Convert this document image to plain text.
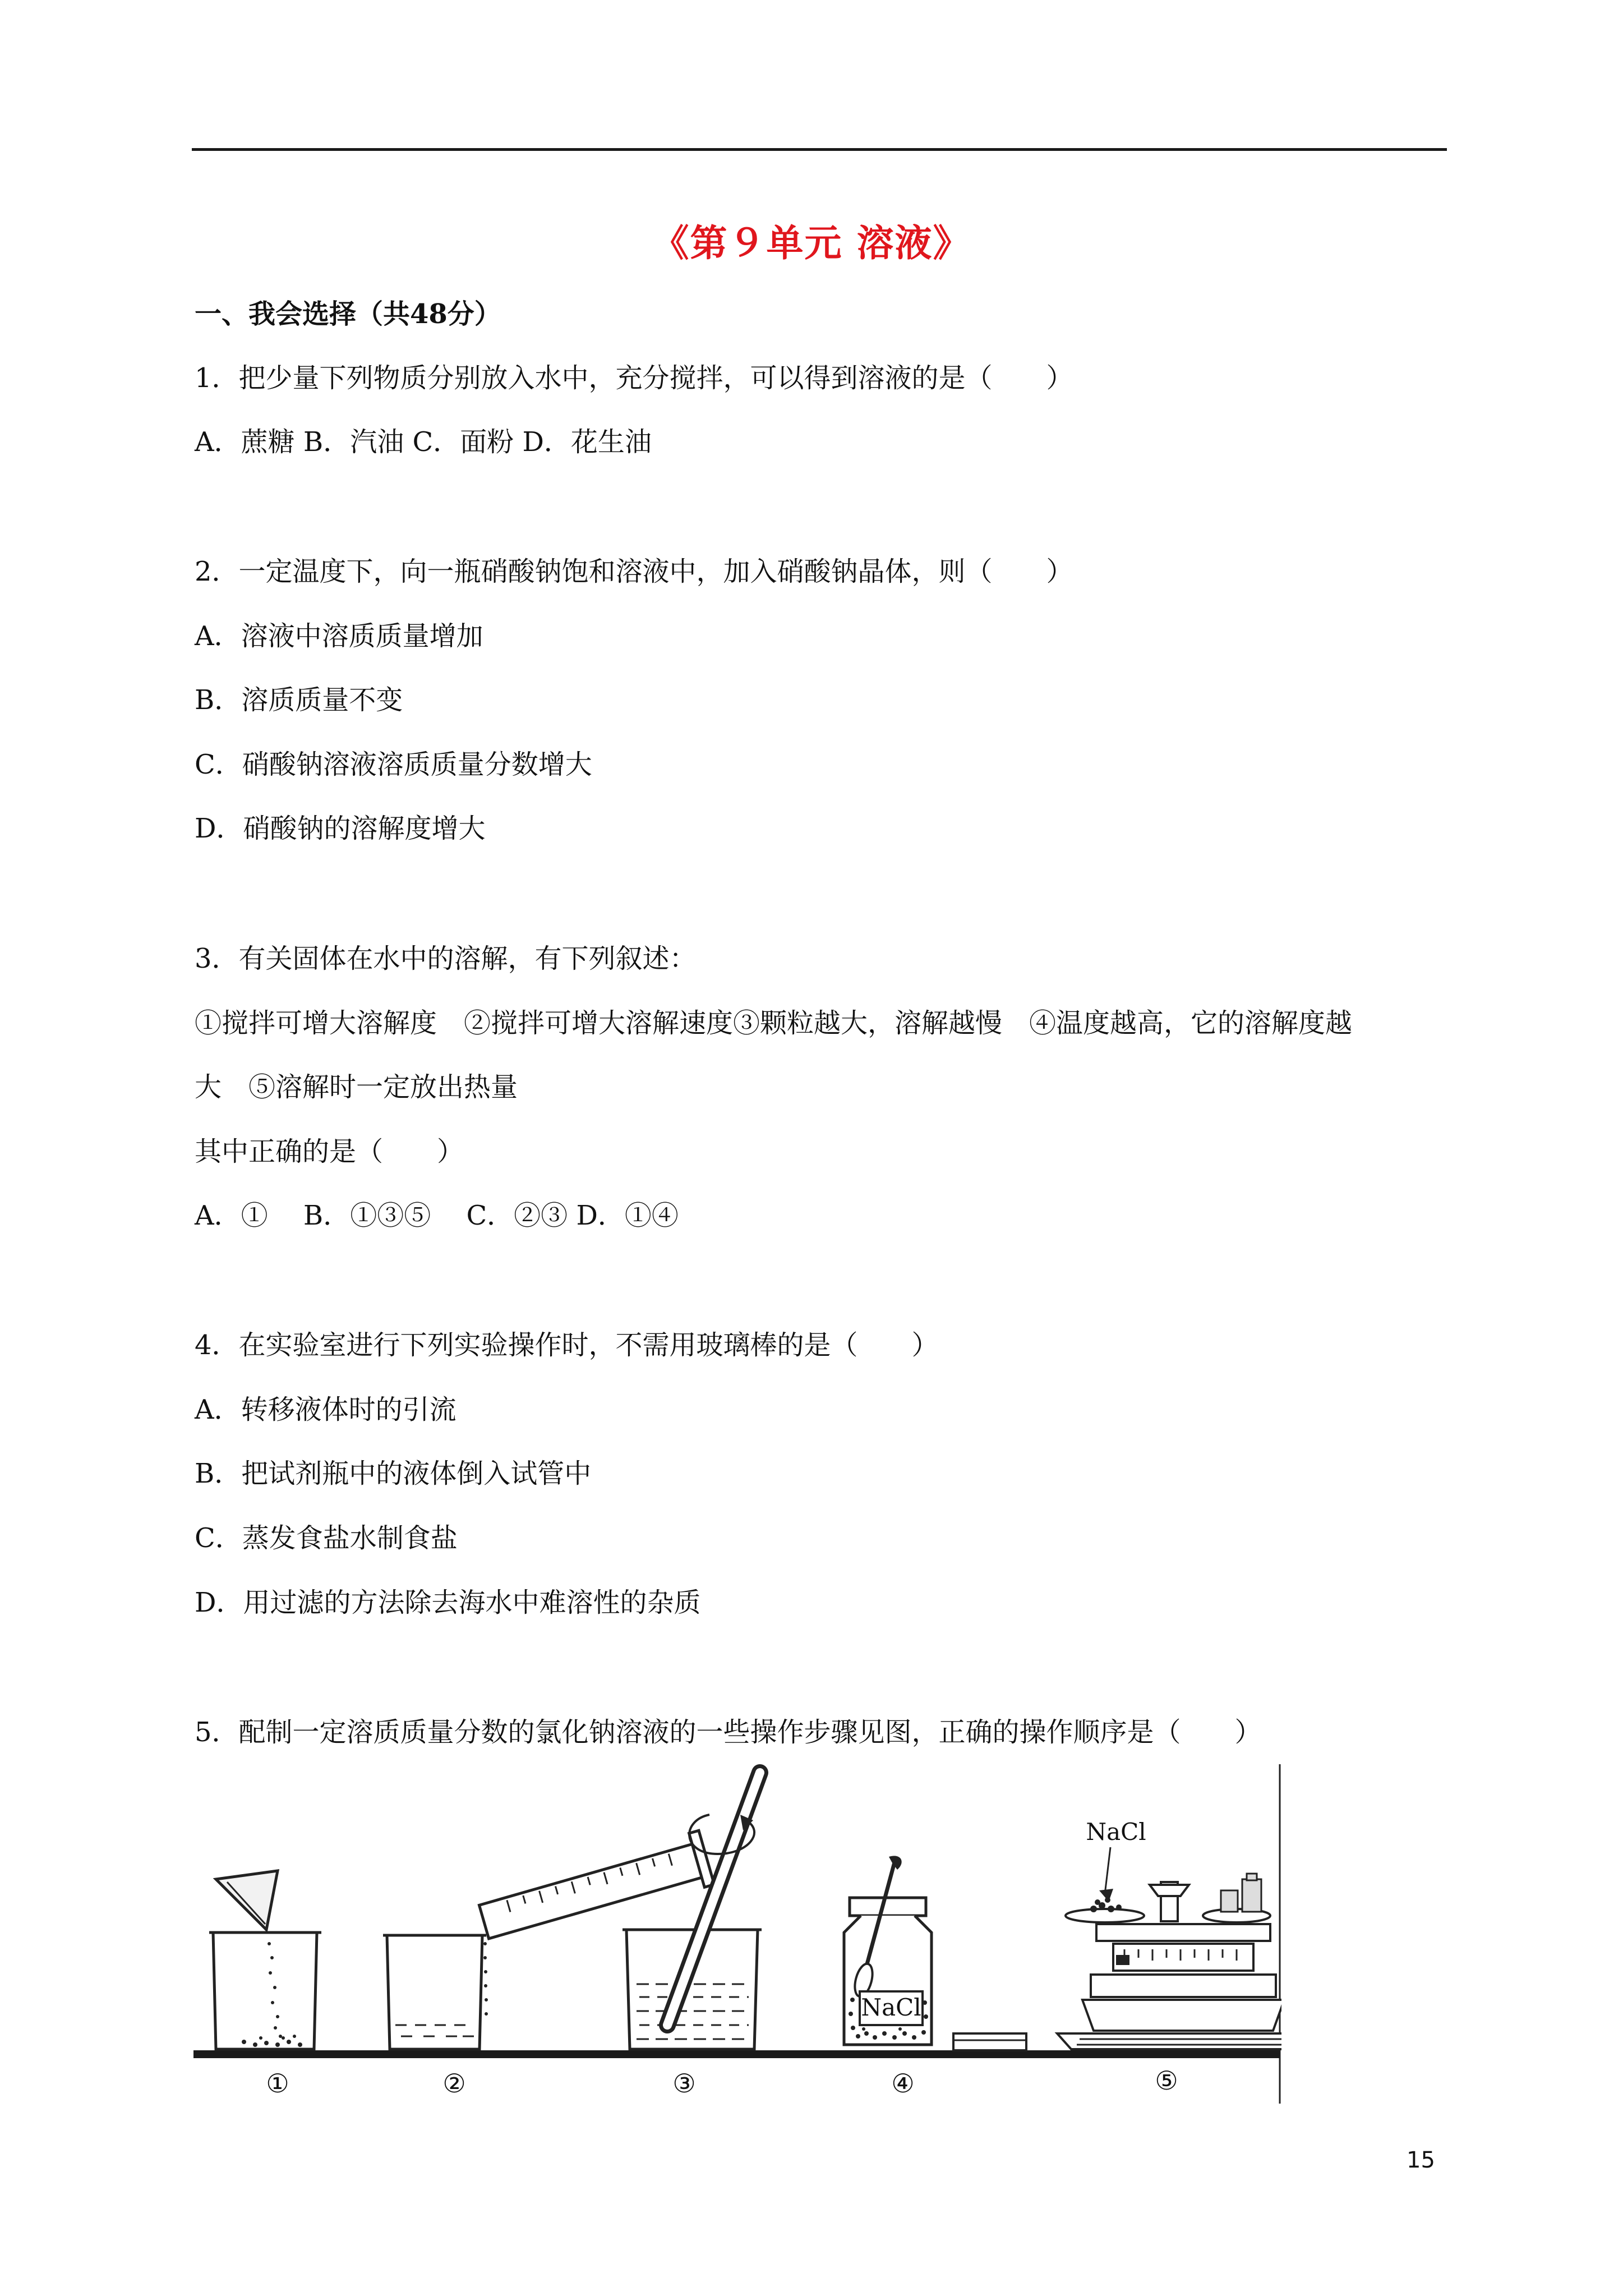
《第９单元 溶液》
一、我会选择（共48分）
1．把少量下列物质分别放入水中，充分搅拌，可以得到溶液的是（　　）
A．蔗糖 B．汽油 C．面粉 D．花生油
2．一定温度下，向一瓶硝酸钠饱和溶液中，加入硝酸钠晶体，则（　　）
A．溶液中溶质质量增加
B．溶质质量不变
C．硝酸钠溶液溶质质量分数增大
D．硝酸钠的溶解度增大
3．有关固体在水中的溶解，有下列叙述：
①搅拌可增大溶解度　②搅拌可增大溶解速度③颗粒越大，溶解越慢　④温度越高，它的溶解度越
大　⑤溶解时一定放出热量
其中正确的是（　　）
A．①　 B．①③⑤　 C．②③ D．①④
4．在实验室进行下列实验操作时，不需用玻璃棒的是（　　）
A．转移液体时的引流
B．把试剂瓶中的液体倒入试管中
C．蒸发食盐水制食盐
D．用过滤的方法除去海水中难溶性的杂质
5．配制一定溶质质量分数的氯化钠溶液的一些操作步骤见图，正确的操作顺序是（　　）
NaCl
NaCl
①	②	③	④	⑤
15
